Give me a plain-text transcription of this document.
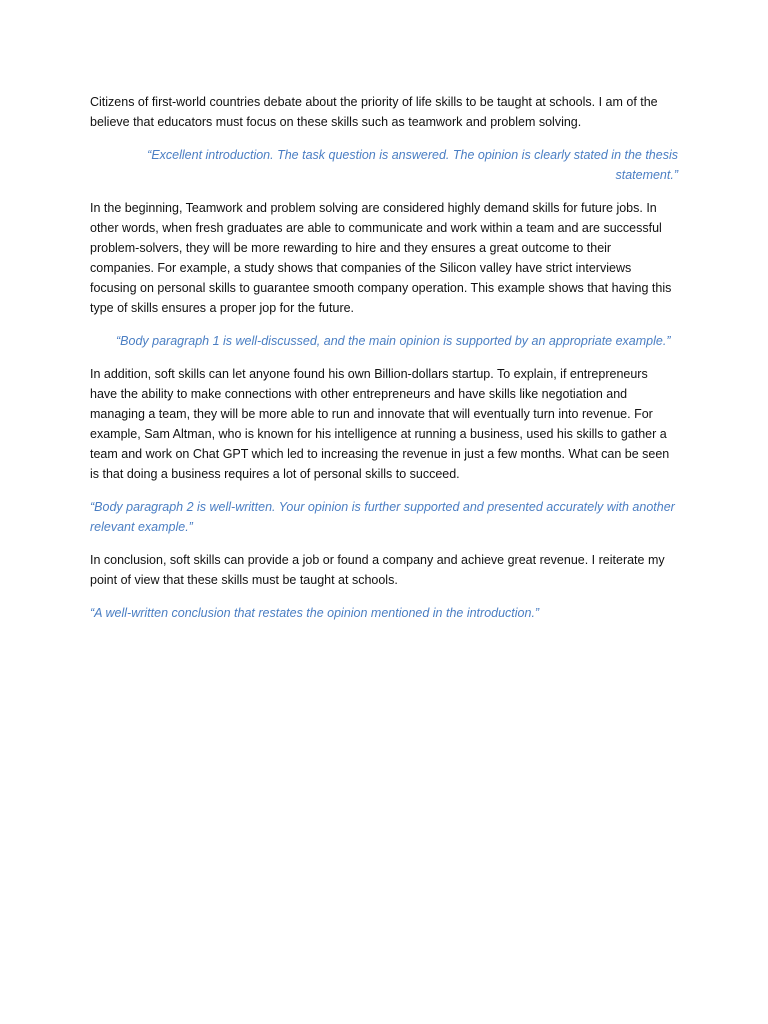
Citizens of first-world countries debate about the priority of life skills to be taught at schools. I am of the believe that educators must focus on these skills such as teamwork and problem solving.

“Excellent introduction. The task question is answered. The opinion is clearly stated in the thesis statement.”

In the beginning, Teamwork and problem solving are considered highly demand skills for future jobs. In other words, when fresh graduates are able to communicate and work within a team and are successful problem-solvers, they will be more rewarding to hire and they ensures a great outcome to their companies. For example, a study shows that companies of the Silicon valley have strict interviews focusing on personal skills to guarantee smooth company operation. This example shows that having this type of skills ensures a proper jop for the future.

“Body paragraph 1 is well-discussed, and the main opinion is supported by an appropriate example.”

In addition, soft skills can let anyone found his own Billion-dollars startup. To explain, if entrepreneurs have the ability to make connections with other entrepreneurs and have skills like negotiation and managing a team, they will be more able to run and innovate that will eventually turn into revenue. For example, Sam Altman, who is known for his intelligence at running a business, used his skills to gather a team and work on Chat GPT which led to increasing the revenue in just a few months. What can be seen is that doing a business requires a lot of personal skills to succeed.

“Body paragraph 2 is well-written. Your opinion is further supported and presented accurately with another relevant example.”

In conclusion, soft skills can provide a job or found a company and achieve great revenue. I reiterate my point of view that these skills must be taught at schools.

“A well-written conclusion that restates the opinion mentioned in the introduction.”
